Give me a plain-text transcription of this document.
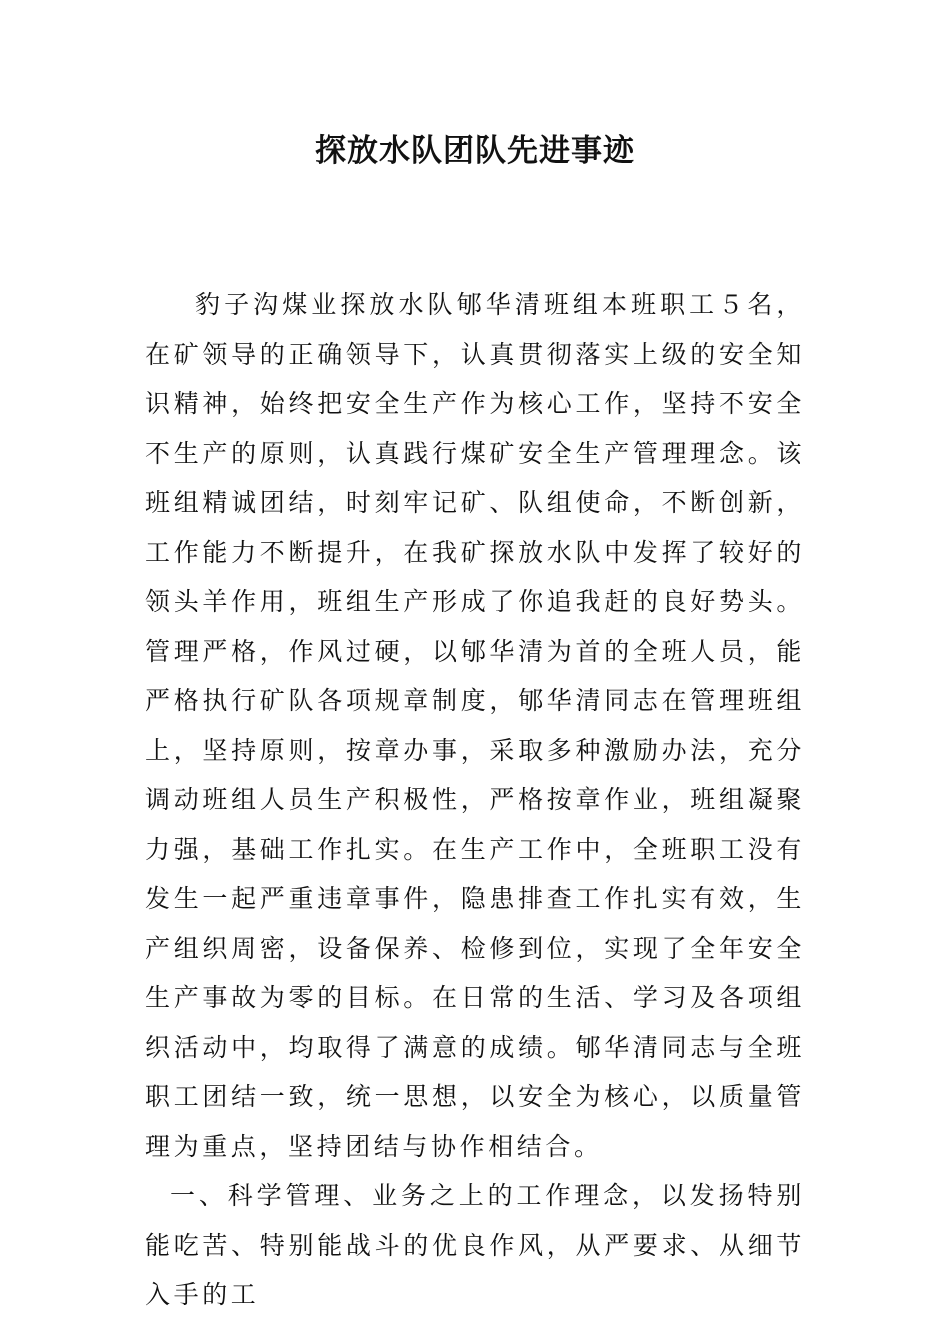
探放水队团队先进事迹

豹子沟煤业探放水队郇华清班组本班职工５名，在矿领导的正确领导下，认真贯彻落实上级的安全知识精神，始终把安全生产作为核心工作，坚持不安全不生产的原则，认真践行煤矿安全生产管理理念。该班组精诚团结，时刻牢记矿、队组使命，不断创新，工作能力不断提升，在我矿探放水队中发挥了较好的领头羊作用，班组生产形成了你追我赶的良好势头。管理严格，作风过硬，以郇华清为首的全班人员，能严格执行矿队各项规章制度，郇华清同志在管理班组上，坚持原则，按章办事，采取多种激励办法，充分调动班组人员生产积极性，严格按章作业，班组凝聚力强，基础工作扎实。在生产工作中，全班职工没有发生一起严重违章事件，隐患排查工作扎实有效，生产组织周密，设备保养、检修到位，实现了全年安全生产事故为零的目标。在日常的生活、学习及各项组织活动中，均取得了满意的成绩。郇华清同志与全班职工团结一致，统一思想，以安全为核心，以质量管理为重点，坚持团结与协作相结合。

一、科学管理、业务之上的工作理念，以发扬特别能吃苦、特别能战斗的优良作风，从严要求、从细节入手的工
